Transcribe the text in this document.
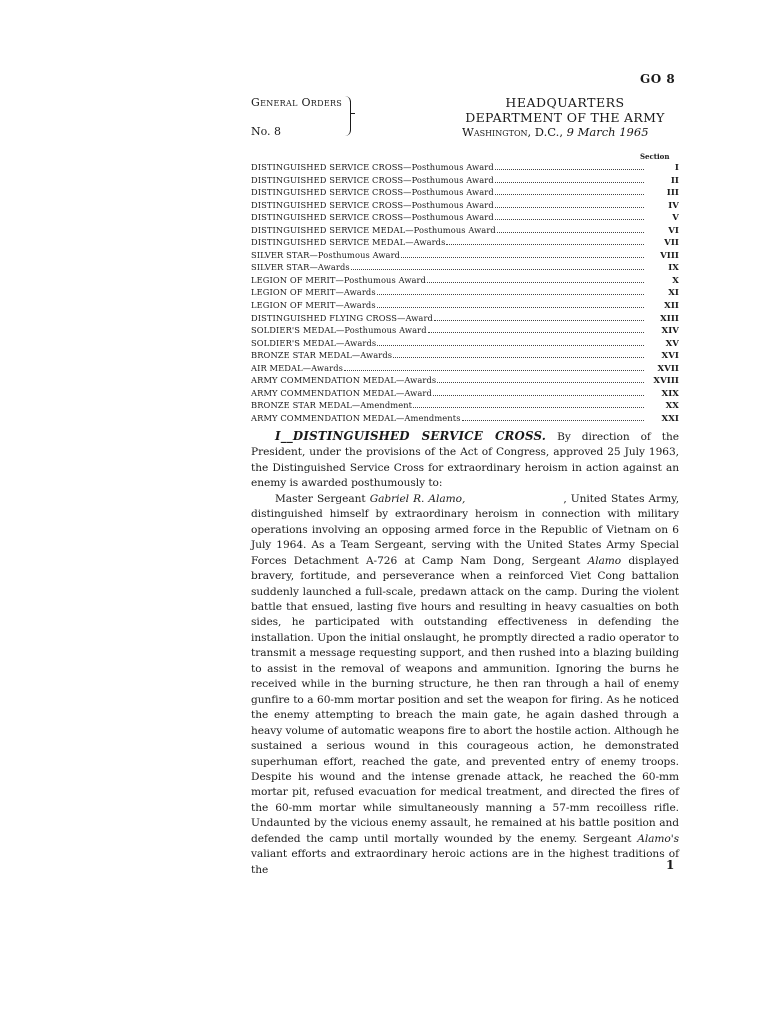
GO 8
General Orders
No. 8
HEADQUARTERS
DEPARTMENT OF THE ARMY
Washington, D.C., 9 March 1965
Section
DISTINGUISHED SERVICE CROSS—Posthumous Award	I
DISTINGUISHED SERVICE CROSS—Posthumous Award	II
DISTINGUISHED SERVICE CROSS—Posthumous Award	III
DISTINGUISHED SERVICE CROSS—Posthumous Award	IV
DISTINGUISHED SERVICE CROSS—Posthumous Award	V
DISTINGUISHED SERVICE MEDAL—Posthumous Award	VI
DISTINGUISHED SERVICE MEDAL—Awards	VII
SILVER STAR—Posthumous Award	VIII
SILVER STAR—Awards	IX
LEGION OF MERIT—Posthumous Award	X
LEGION OF MERIT—Awards	XI
LEGION OF MERIT—Awards	XII
DISTINGUISHED FLYING CROSS—Award	XIII
SOLDIER'S MEDAL—Posthumous Award	XIV
SOLDIER'S MEDAL—Awards	XV
BRONZE STAR MEDAL—Awards	XVI
AIR MEDAL—Awards	XVII
ARMY COMMENDATION MEDAL—Awards	XVIII
ARMY COMMENDATION MEDAL—Award	XIX
BRONZE STAR MEDAL—Amendment	XX
ARMY COMMENDATION MEDAL—Amendments	XXI

I__DISTINGUISHED SERVICE CROSS. By direction of the President, under the provisions of the Act of Congress, approved 25 July 1963, the Distinguished Service Cross for extraordinary heroism in action against an enemy is awarded posthumously to:

Master Sergeant Gabriel R. Alamo,                        , United States Army, distinguished himself by extraordinary heroism in connection with military operations involving an opposing armed force in the Republic of Vietnam on 6 July 1964. As a Team Sergeant, serving with the United States Army Special Forces Detachment A-726 at Camp Nam Dong, Sergeant Alamo displayed bravery, fortitude, and perseverance when a reinforced Viet Cong battalion suddenly launched a full-scale, predawn attack on the camp. During the violent battle that ensued, lasting five hours and resulting in heavy casualties on both sides, he participated with outstanding effectiveness in defending the installation. Upon the initial onslaught, he promptly directed a radio operator to transmit a message requesting support, and then rushed into a blazing building to assist in the removal of weapons and ammunition. Ignoring the burns he received while in the burning structure, he then ran through a hail of enemy gunfire to a 60-mm mortar position and set the weapon for firing. As he noticed the enemy attempting to breach the main gate, he again dashed through a heavy volume of automatic weapons fire to abort the hostile action. Although he sustained a serious wound in this courageous action, he demonstrated superhuman effort, reached the gate, and prevented entry of enemy troops. Despite his wound and the intense grenade attack, he reached the 60-mm mortar pit, refused evacuation for medical treatment, and directed the fires of the 60-mm mortar while simultaneously manning a 57-mm recoilless rifle. Undaunted by the vicious enemy assault, he remained at his battle position and defended the camp until mortally wounded by the enemy. Sergeant Alamo's valiant efforts and extraordinary heroic actions are in the highest traditions of the	1
